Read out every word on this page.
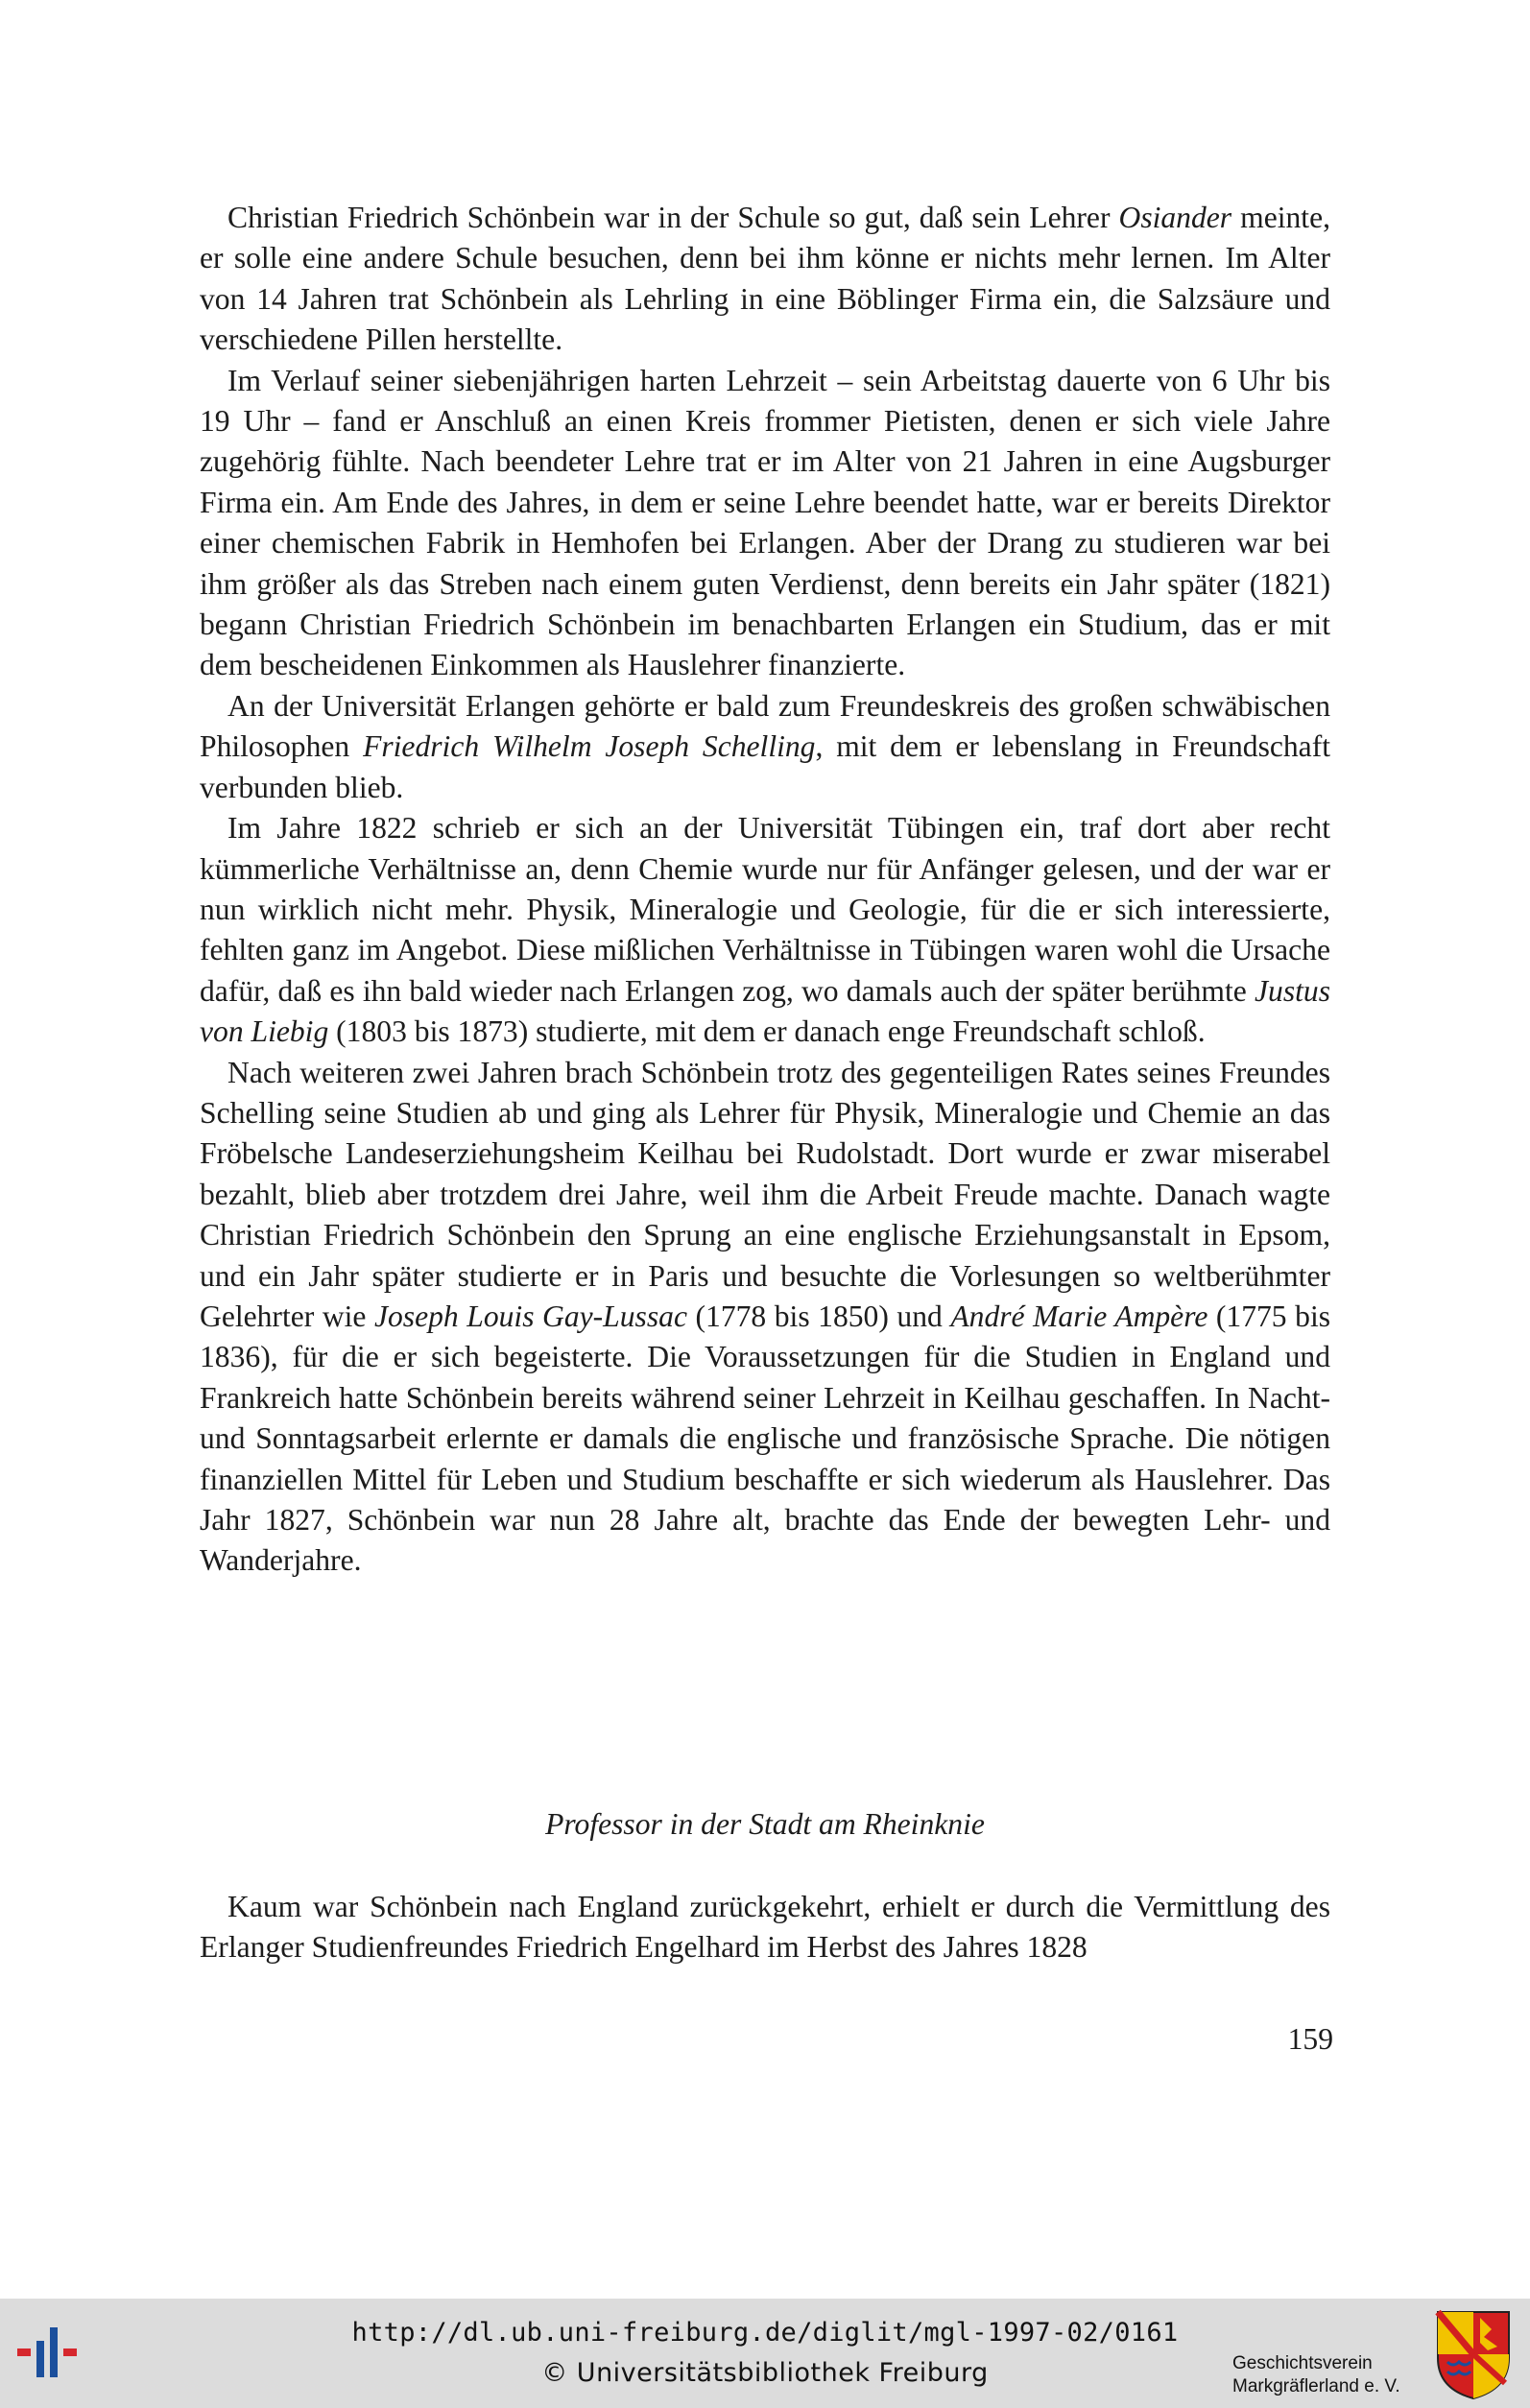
Christian Friedrich Schönbein war in der Schule so gut, daß sein Lehrer Osiander meinte, er solle eine andere Schule besuchen, denn bei ihm könne er nichts mehr lernen. Im Alter von 14 Jahren trat Schönbein als Lehrling in eine Böblinger Firma ein, die Salzsäure und verschiedene Pillen herstellte.

Im Verlauf seiner siebenjährigen harten Lehrzeit – sein Arbeitstag dauerte von 6 Uhr bis 19 Uhr – fand er Anschluß an einen Kreis frommer Pietisten, denen er sich viele Jahre zugehörig fühlte. Nach beendeter Lehre trat er im Alter von 21 Jahren in eine Augsburger Firma ein. Am Ende des Jahres, in dem er seine Lehre beendet hatte, war er bereits Direktor einer chemischen Fabrik in Hemhofen bei Erlangen. Aber der Drang zu studieren war bei ihm größer als das Streben nach einem guten Verdienst, denn bereits ein Jahr später (1821) begann Christian Friedrich Schönbein im benachbarten Erlangen ein Studium, das er mit dem bescheidenen Einkommen als Hauslehrer finanzierte.

An der Universität Erlangen gehörte er bald zum Freundeskreis des großen schwäbischen Philosophen Friedrich Wilhelm Joseph Schelling, mit dem er lebenslang in Freundschaft verbunden blieb.

Im Jahre 1822 schrieb er sich an der Universität Tübingen ein, traf dort aber recht kümmerliche Verhältnisse an, denn Chemie wurde nur für Anfänger gelesen, und der war er nun wirklich nicht mehr. Physik, Mineralogie und Geologie, für die er sich interessierte, fehlten ganz im Angebot. Diese mißlichen Verhältnisse in Tübingen waren wohl die Ursache dafür, daß es ihn bald wieder nach Erlangen zog, wo damals auch der später berühmte Justus von Liebig (1803 bis 1873) studierte, mit dem er danach enge Freundschaft schloß.

Nach weiteren zwei Jahren brach Schönbein trotz des gegenteiligen Rates seines Freundes Schelling seine Studien ab und ging als Lehrer für Physik, Mineralogie und Chemie an das Fröbelsche Landeserziehungsheim Keilhau bei Rudolstadt. Dort wurde er zwar miserabel bezahlt, blieb aber trotzdem drei Jahre, weil ihm die Arbeit Freude machte. Danach wagte Christian Friedrich Schönbein den Sprung an eine englische Erziehungsanstalt in Epsom, und ein Jahr später studierte er in Paris und besuchte die Vorlesungen so weltberühmter Gelehrter wie Joseph Louis Gay-Lussac (1778 bis 1850) und André Marie Ampère (1775 bis 1836), für die er sich begeisterte. Die Voraussetzungen für die Studien in England und Frankreich hatte Schönbein bereits während seiner Lehrzeit in Keilhau geschaffen. In Nacht- und Sonntagsarbeit erlernte er damals die englische und französische Sprache. Die nötigen finanziellen Mittel für Leben und Studium beschaffte er sich wiederum als Hauslehrer. Das Jahr 1827, Schönbein war nun 28 Jahre alt, brachte das Ende der bewegten Lehr- und Wanderjahre.

Professor in der Stadt am Rheinknie

Kaum war Schönbein nach England zurückgekehrt, erhielt er durch die Vermittlung des Erlanger Studienfreundes Friedrich Engelhard im Herbst des Jahres 1828

159
http://dl.ub.uni-freiburg.de/diglit/mgl-1997-02/0161
© Universitätsbibliothek Freiburg	Geschichtsverein
Markgräflerland e. V.
